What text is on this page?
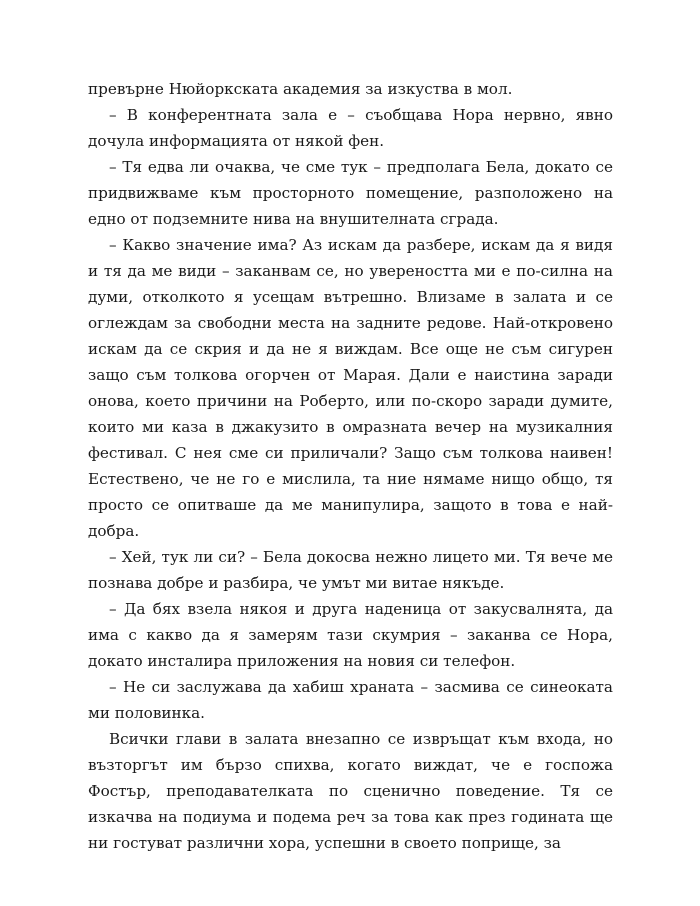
превърне Нюйоркската академия за изкуства в мол.

– В конферентната зала е – съобщава Нора нервно, явно дочула информацията от някой фен.

– Тя едва ли очаква, че сме тук – предполага Бела, докато се придвижваме към просторното помещение, разположено на едно от подземните нива на внушителната сграда.

– Какво значение има? Аз искам да разбере, искам да я видя и тя да ме види – заканвам се, но увереността ми е по-силна на думи, отколкото я усещам вътрешно. Влизаме в залата и се оглеждам за свободни места на задните редове. Най-откровено искам да се скрия и да не я виждам. Все още не съм сигурен защо съм толкова огорчен от Марая. Дали е наистина заради онова, което причини на Роберто, или по-скоро заради думите, които ми каза в джакузито в омразната вечер на музикалния фестивал. С нея сме си приличали? Защо съм толкова наивен! Естествено, че не го е мислила, та ние нямаме нищо общо, тя просто се опитваше да ме манипулира, защото в това е най-добра.

– Хей, тук ли си? – Бела докосва нежно лицето ми. Тя вече ме познава добре и разбира, че умът ми витае някъде.

– Да бях взела някоя и друга наденица от закусвалнята, да има с какво да я замерям тази скумрия – заканва се Нора, докато инсталира приложения на новия си телефон.

– Не си заслужава да хабиш храната – засмива се синеоката ми половинка.

Всички глави в залата внезапно се извръщат към входа, но възторгът им бързо спихва, когато виждат, че е госпожа Фостър, преподавателката по сценично поведение. Тя се изкачва на подиума и подема реч за това как през годината ще ни гостуват различни хора, успешни в своето поприще, за
